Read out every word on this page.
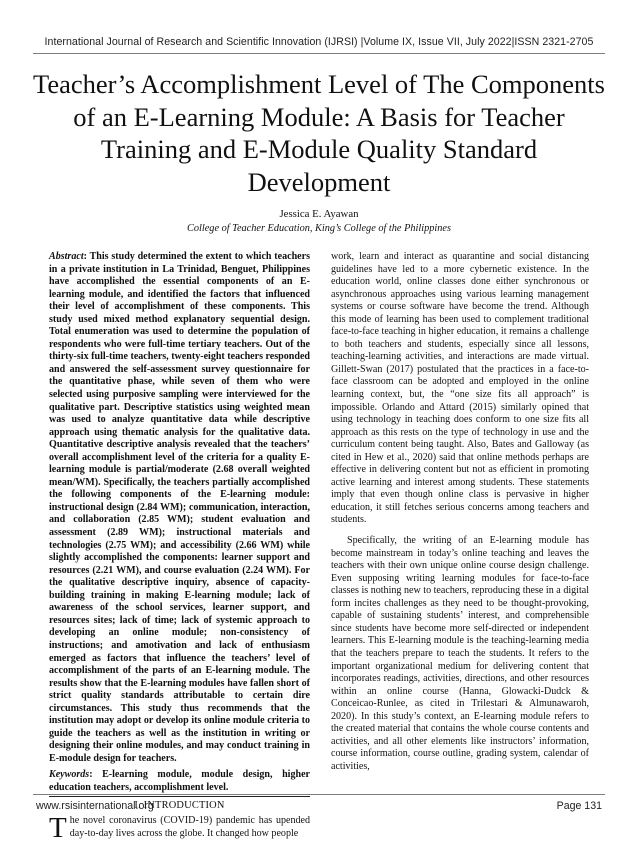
International Journal of Research and Scientific Innovation (IJRSI) |Volume IX, Issue VII, July 2022|ISSN 2321-2705
Teacher’s Accomplishment Level of The Components of an E-Learning Module: A Basis for Teacher Training and E-Module Quality Standard Development
Jessica E. Ayawan
College of Teacher Education, King’s College of the Philippines

Abstract: This study determined the extent to which teachers in a private institution in La Trinidad, Benguet, Philippines have accomplished the essential components of an E-learning module, and identified the factors that influenced their level of accomplishment of these components. This study used mixed method explanatory sequential design. Total enumeration was used to determine the population of respondents who were full-time tertiary teachers. Out of the thirty-six full-time teachers, twenty-eight teachers responded and answered the self-assessment survey questionnaire for the quantitative phase, while seven of them who were selected using purposive sampling were interviewed for the qualitative part. Descriptive statistics using weighted mean was used to analyze quantitative data while descriptive approach using thematic analysis for the qualitative data. Quantitative descriptive analysis revealed that the teachers’ overall accomplishment level of the criteria for a quality E-learning module is partial/moderate (2.68 overall weighted mean/WM). Specifically, the teachers partially accomplished the following components of the E-learning module: instructional design (2.84 WM); communication, interaction, and collaboration (2.85 WM); student evaluation and assessment (2.89 WM); instructional materials and technologies (2.75 WM); and accessibility (2.66 WM) while slightly accomplished the components: learner support and resources (2.21 WM), and course evaluation (2.24 WM). For the qualitative descriptive inquiry, absence of capacity-building training in making E-learning module; lack of awareness of the school services, learner support, and resources sites; lack of time; lack of systemic approach to developing an online module; non-consistency of instructions; and amotivation and lack of enthusiasm emerged as factors that influence the teachers’ level of accomplishment of the parts of an E-learning module. The results show that the E-learning modules have fallen short of strict quality standards attributable to certain dire circumstances. This study thus recommends that the institution may adopt or develop its online module criteria to guide the teachers as well as the institution in writing or designing their online modules, and may conduct training in E-module design for teachers.

Keywords: E-learning module, module design, higher education teachers, accomplishment level.

I. INTRODUCTION

The novel coronavirus (COVID-19) pandemic has upended day-to-day lives across the globe. It changed how people

work, learn and interact as quarantine and social distancing guidelines have led to a more cybernetic existence. In the education world, online classes done either synchronous or asynchronous approaches using various learning management systems or course software have become the trend. Although this mode of learning has been used to complement traditional face-to-face teaching in higher education, it remains a challenge to both teachers and students, especially since all lessons, teaching-learning activities, and interactions are made virtual. Gillett-Swan (2017) postulated that the practices in a face-to-face classroom can be adopted and employed in the online learning context, but, the “one size fits all approach” is impossible. Orlando and Attard (2015) similarly opined that using technology in teaching does conform to one size fits all approach as this rests on the type of technology in use and the curriculum content being taught. Also, Bates and Galloway (as cited in Hew et al., 2020) said that online methods perhaps are effective in delivering content but not as efficient in promoting active learning and interest among students. These statements imply that even though online class is pervasive in higher education, it still fetches serious concerns among teachers and students.

Specifically, the writing of an E-learning module has become mainstream in today’s online teaching and leaves the teachers with their own unique online course design challenge. Even supposing writing learning modules for face-to-face classes is nothing new to teachers, reproducing these in a digital form incites challenges as they need to be thought-provoking, capable of sustaining students’ interest, and comprehensible since students have become more self-directed or independent learners. This E-learning module is the teaching-learning media that the teachers prepare to teach the students. It refers to the important organizational medium for delivering content that incorporates readings, activities, directions, and other resources within an online course (Hanna, Glowacki-Dudck & Conceicao-Runlee, as cited in Trilestari & Almunawaroh, 2020). In this study’s context, an E-learning module refers to the created material that contains the whole course contents and activities, and all other elements like instructors’ information, course information, course outline, grading system, calendar of activities,

www.rsisinternational.org	Page 131
